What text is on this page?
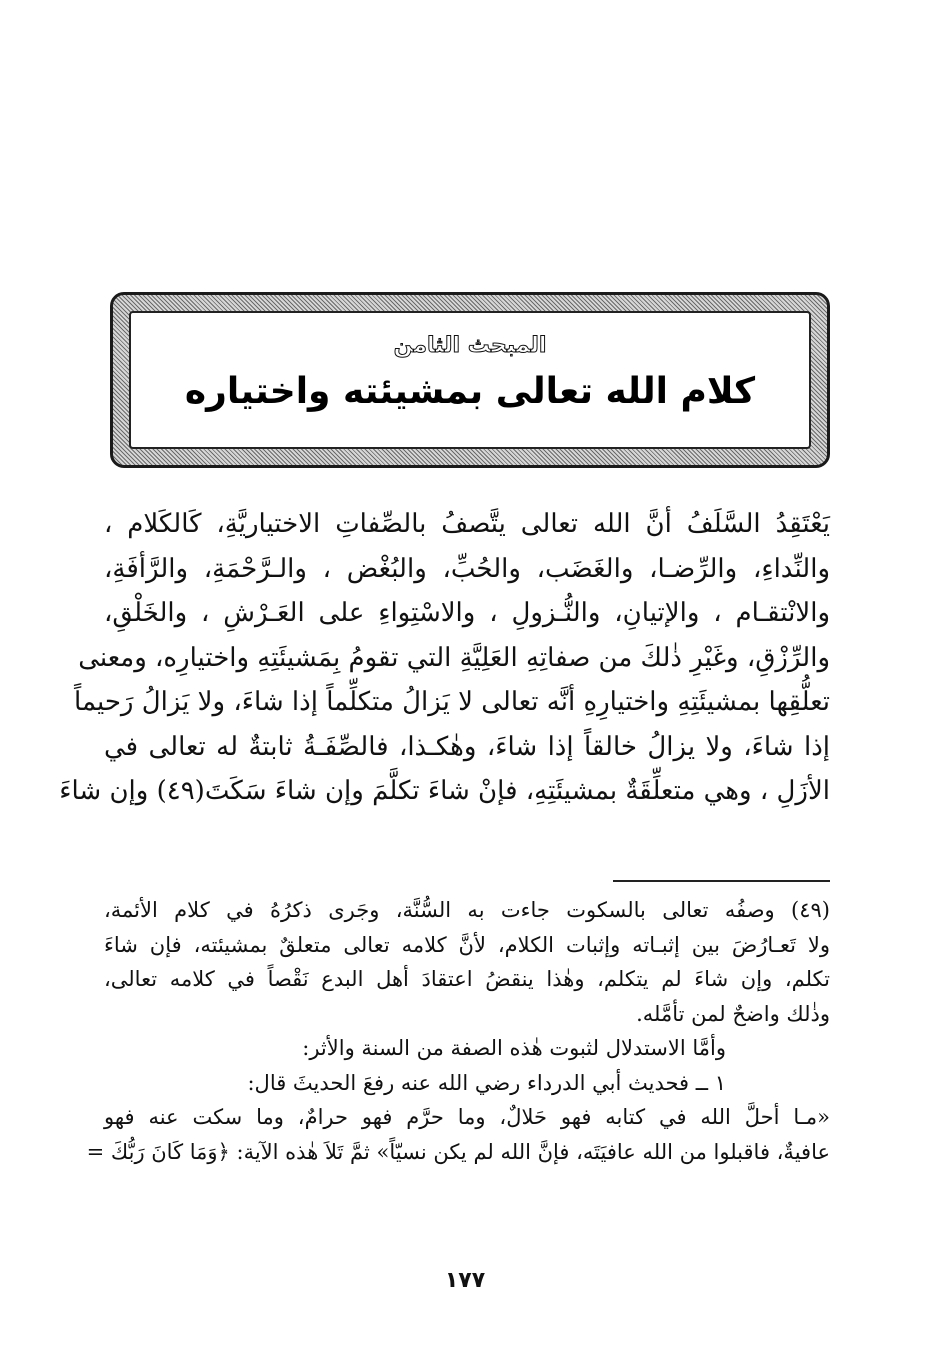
المبحث الثامن
كلام الله تعالى بمشيئته واختياره
يَعْتَقِدُ السَّلَفُ أنَّ الله تعالى يتَّصفُ بالصِّفاتِ الاختياريَّةِ، كَالكَلام ،
والنِّداءِ، والرِّضـا، والغَضَب، والحُبِّ، والبُغْض ، والـرَّحْمَةِ، والرَّأفَةِ،
والانْتقـام ، والإتيانِ، والنُّـزولِ ، والاسْتِواءِ على العَـرْشِ ، والخَلْقِ،
والرِّزْقِ، وغَيْرِ ذٰلكَ من صفاتِهِ العَلِيَّةِ التي تقومُ بِمَشيئَتِهِ واختيارِه، ومعنى
تعلُّقِها بمشيئَتِهِ واختيارِهِ أنَّه تعالى لا يَزالُ متكلِّماً إذا شاءَ، ولا يَزالُ رَحيماً
إذا شاءَ، ولا يزالُ خالقاً إذا شاءَ، وهٰكـذا، فالصِّفَـةُ ثابتةٌ له تعالى في
الأزَلِ ، وهي متعلِّقَةٌ بمشيئَتِهِ، فإنْ شاءَ تكلَّمَ وإن شاءَ سَكَتَ(٤٩) وإن شاءَ
(٤٩) وصفُه تعالى بالسكوت جاءت به السُّنَّة، وجَرى ذكرُهُ في كلام الأئمة،
ولا تَعـارُضَ بين إثبـاته وإثبات الكلام، لأنَّ كلامه تعالى متعلقٌ بمشيئته، فإن شاءَ
تكلم، وإن شاءَ لم يتكلم، وهٰذا ينقضُ اعتقادَ أهل البدع نَقْصاً في كلامه تعالى،
وذٰلك واضحٌ لمن تأمَّله.
وأمَّا الاستدلال لثبوت هٰذه الصفة من السنة والأثر:
١ ــ فحديث أبي الدرداء رضي الله عنه رفعَ الحديثَ قال:
«مـا أحلَّ الله في كتابه فهو حَلالٌ، وما حرَّم فهو حرامٌ، وما سكت عنه فهو
عافيةٌ، فاقبلوا من الله عافيَتَه، فإنَّ الله لم يكن نسيّاً» ثمَّ تَلاَ هٰذه الآية: ﴿وَمَا كَانَ رَبُّكَ =
١٧٧
